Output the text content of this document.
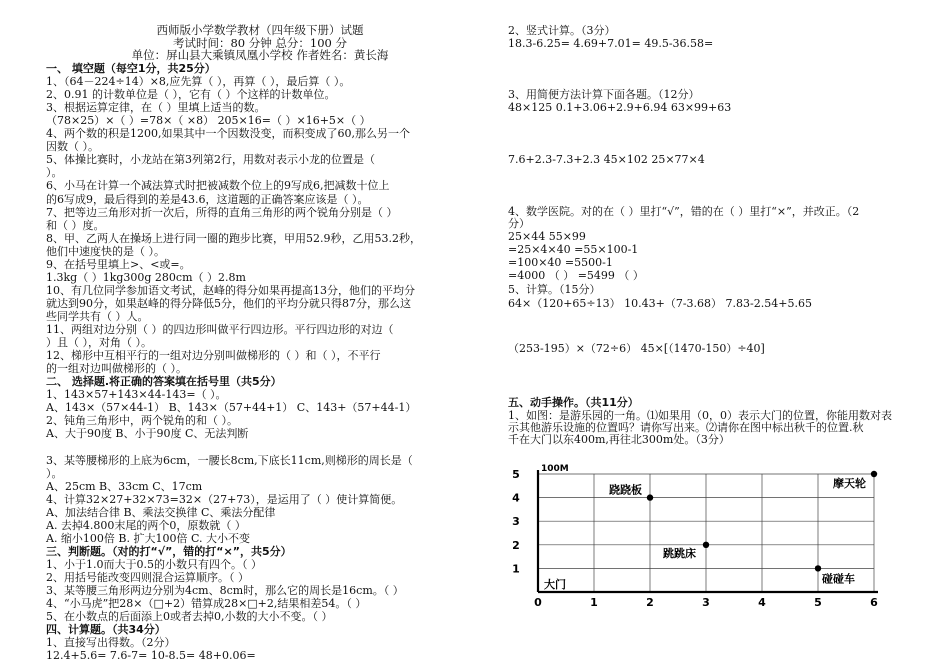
西师版小学数学教材（四年级下册）试题
考试时间：80 分钟 总分：100 分
单位：屏山县大乘镇凤凰小学校 作者姓名：黄长海
一、 填空题（每空1分，共25分）
1、（64－224÷14）×8,应先算（ ），再算（ ），最后算（ ）。
2、0.91 的计数单位是（ ），它有（ ）个这样的计数单位。
3、根据运算定律，在（ ）里填上适当的数。
（78×25）×（ ）=78×（ ×8） 205×16=（ ）×16+5×（ ）
4、两个数的积是1200,如果其中一个因数没变，而积变成了60,那么另一个
因数（ ）。
5、体操比赛时，小龙站在第3列第2行，用数对表示小龙的位置是（
）。
6、小马在计算一个减法算式时把被减数个位上的9写成6,把减数十位上
的6写成9，最后得到的差是43.6，这道题的正确答案应该是（ ）。
7、把等边三角形对折一次后，所得的直角三角形的两个锐角分别是（ ）
和（ ）度。
8、甲、乙两人在操场上进行同一圈的跑步比赛，甲用52.9秒，乙用53.2秒，
他们中速度快的是（ ）。
9、在括号里填上>、<或=。
1.3kg（ ）1kg300g 280cm（ ）2.8m
10、有几位同学参加语文考试，赵峰的得分如果再提高13分，他们的平均分
就达到90分，如果赵峰的得分降低5分，他们的平均分就只得87分，那么这
些同学共有（ ）人。
11、两组对边分别（ ）的四边形叫做平行四边形。平行四边形的对边（
）且（ ），对角（ ）。
12、梯形中互相平行的一组对边分别叫做梯形的（ ）和（ ），不平行
的一组对边叫做梯形的（ ）。
二、 选择题.将正确的答案填在括号里（共5分）
1、143×57+143×44-143=（ ）。
A、143×（57×44-1） B、143×（57+44+1） C、143+（57+44-1）
2、钝角三角形中，两个锐角的和（ ）。
A、大于90度 B、小于90度 C、无法判断
3、某等腰梯形的上底为6cm，一腰长8cm,下底长11cm,则梯形的周长是（
）。
A、25cm B、33cm C、17cm
4、计算32×27+32×73=32×（27+73），是运用了（ ）使计算简便。
A、加法结合律 B、乘法交换律 C、乘法分配律
A. 去掉4.800末尾的两个0，原数就（ ）
A. 缩小100倍 B. 扩大100倍 C. 大小不变
三、判断题。（对的打“√”，错的打“×”，共5分）
1、小于1.0而大于0.5的小数只有四个。（ ）
2、用括号能改变四则混合运算顺序。（ ）
3、某等腰三角形两边分别为4cm、8cm时，那么它的周长是16cm。（ ）
4、“小马虎”把28×（□+2）错算成28×□+2,结果相差54。（ ）
5、在小数点的后面添上0或者去掉0,小数的大小不变。（ ）
四、计算题。（共34分）
1、直接写出得数。（2分）
12.4+5.6= 7.6-7= 10-8.5= 48+0.06=
2、竖式计算。（3分）
18.3-6.25= 4.69+7.01= 49.5-36.58=
3、用简便方法计算下面各题。（12分）
48×125 0.1+3.06+2.9+6.94 63×99+63
7.6+2.3-7.3+2.3 45×102 25×77×4
4、数学医院。对的在（ ）里打“√”，错的在（ ）里打“×”，并改正。（2
分）
25×44 55×99
=25×4×40 =55×100-1
=100×40 =5500-1
=4000 （ ） =5499 （ ）
5、计算。（15分）
64×（120+65÷13） 10.43+（7-3.68） 7.83-2.54+5.65
（253-195）×（72÷6） 45×[（1470-150）÷40]
五、动手操作。（共11分）
1、如图：是游乐园的一角。⑴如果用（0，0）表示大门的位置，你能用数对表
示其他游乐设施的位置吗？请你写出来。⑵请你在图中标出秋千的位置.秋
千在大门以东400m,再往北300m处。（3分）
100M
0	1	2	3	4	5	6
1
2
3
4
5
大门
跷跷板
跳跳床
摩天轮
碰碰车
